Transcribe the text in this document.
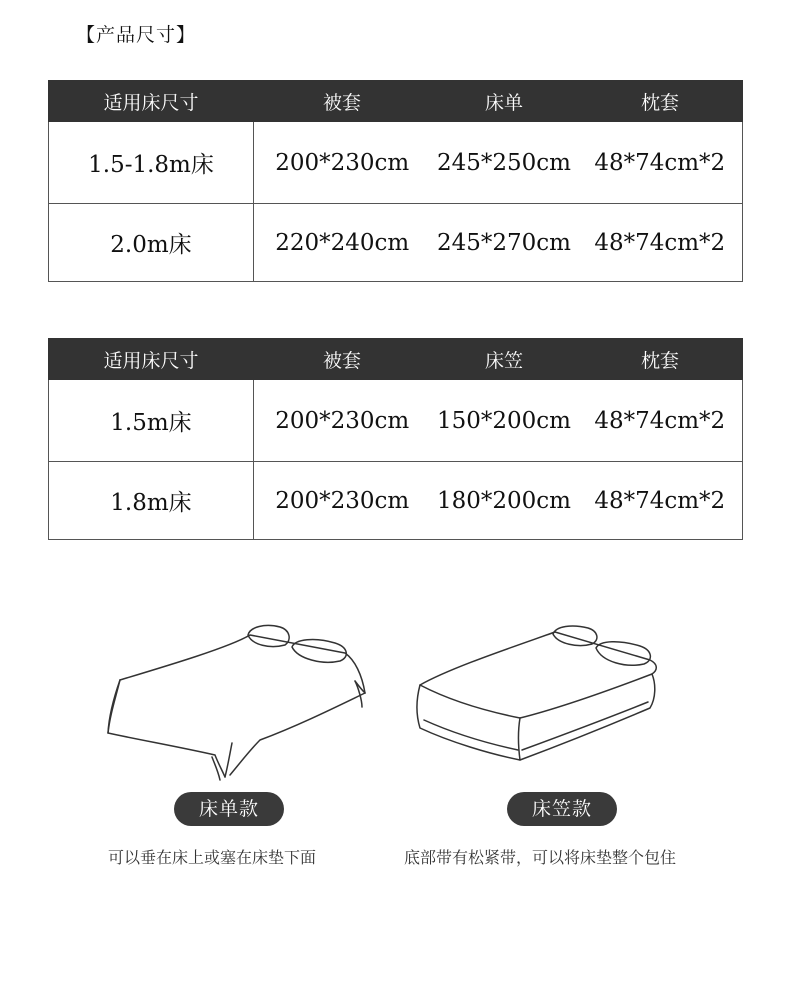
【产品尺寸】
适用床尺寸	被套	床单	枕套
1.5-1.8m床	200*230cm	245*250cm	48*74cm*2
2.0m床	220*240cm	245*270cm	48*74cm*2
适用床尺寸	被套	床笠	枕套
1.5m床	200*230cm	150*200cm	48*74cm*2
1.8m床	200*230cm	180*200cm	48*74cm*2
床单款	床笠款
可以垂在床上或塞在床垫下面	底部带有松紧带，可以将床垫整个包住
